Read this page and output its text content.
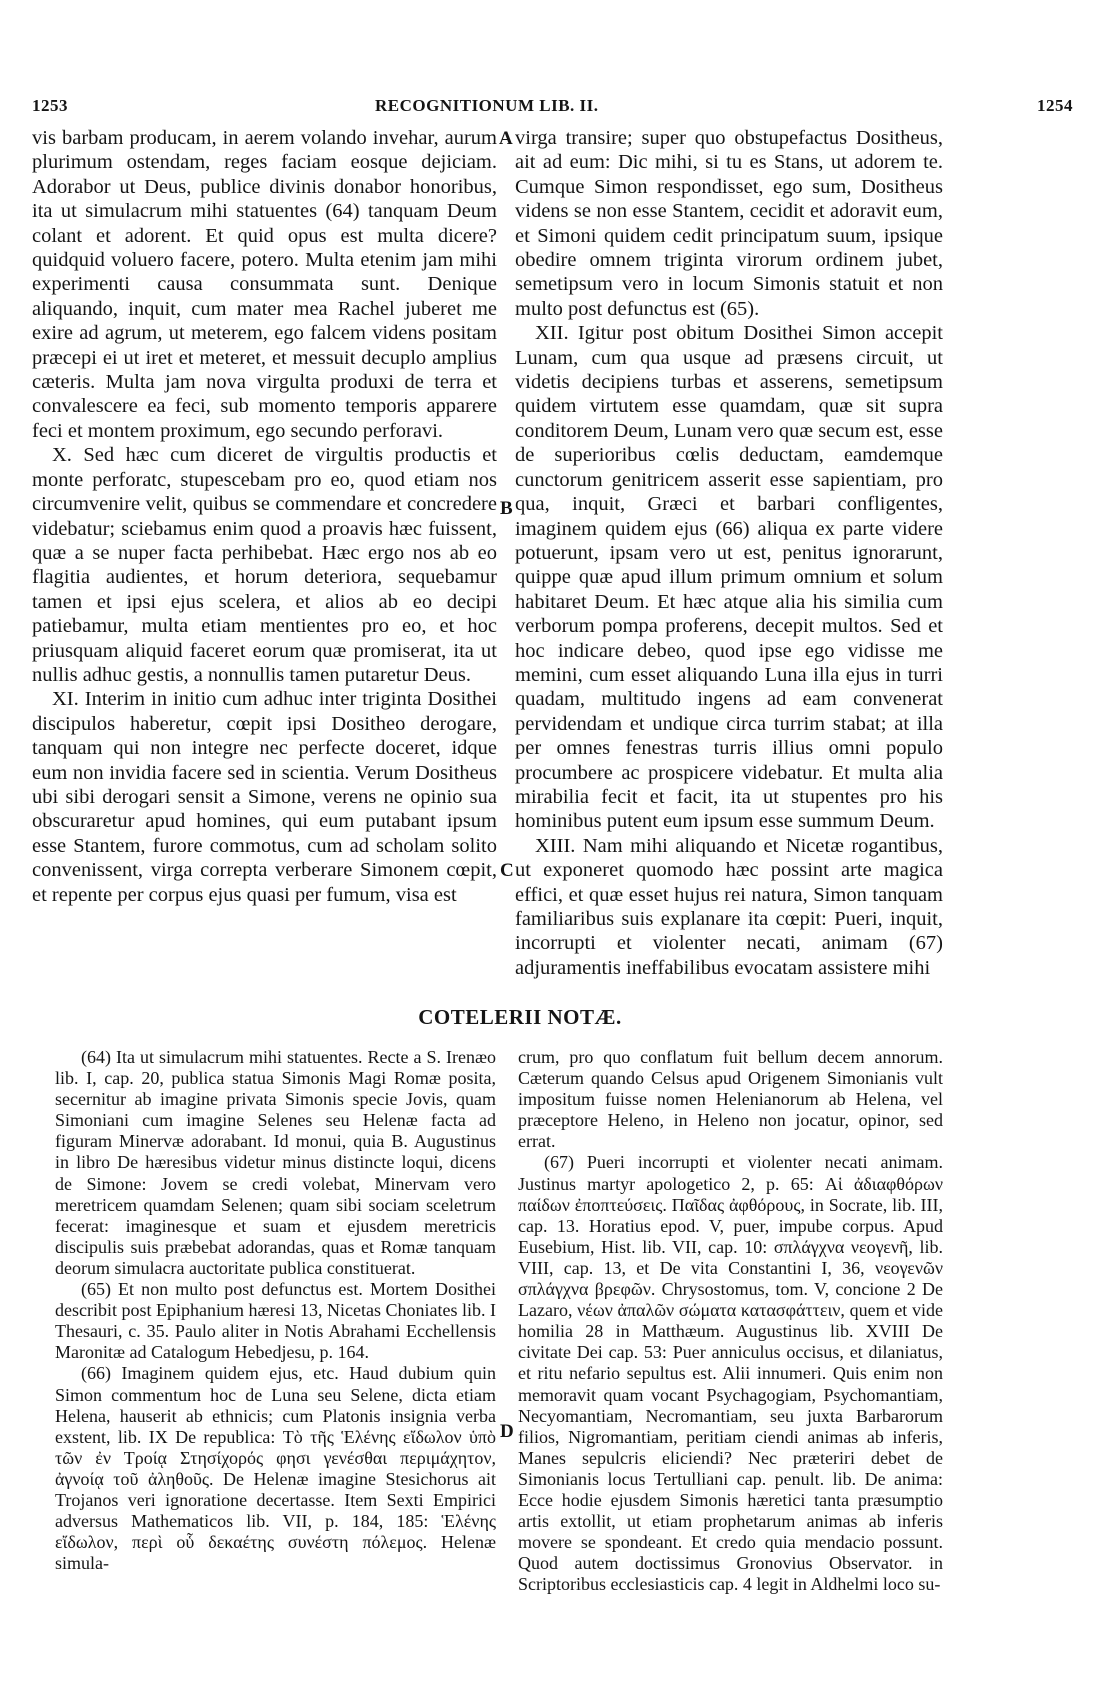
1253	RECOGNITIONUM LIB. II.	1254
A
B
C
D

vis barbam producam, in aerem volando invehar, aurum plurimum ostendam, reges faciam eosque dejiciam. Adorabor ut Deus, publice divinis donabor honoribus, ita ut simulacrum mihi statuentes (64) tanquam Deum colant et adorent. Et quid opus est multa dicere? quidquid voluero facere, potero. Multa etenim jam mihi experimenti causa consummata sunt. Denique aliquando, inquit, cum mater mea Rachel juberet me exire ad agrum, ut meterem, ego falcem videns positam præcepi ei ut iret et meteret, et messuit decuplo amplius cæteris. Multa jam nova virgulta produxi de terra et convalescere ea feci, sub momento temporis apparere feci et montem proximum, ego secundo perforavi.

X. Sed hæc cum diceret de virgultis productis et monte perforatc, stupescebam pro eo, quod etiam nos circumvenire velit, quibus se commendare et concredere videbatur; sciebamus enim quod a proavis hæc fuissent, quæ a se nuper facta perhibebat. Hæc ergo nos ab eo flagitia audientes, et horum deteriora, sequebamur tamen et ipsi ejus scelera, et alios ab eo decipi patiebamur, multa etiam mentientes pro eo, et hoc priusquam aliquid faceret eorum quæ promiserat, ita ut nullis adhuc gestis, a nonnullis tamen putaretur Deus.

XI. Interim in initio cum adhuc inter triginta Dosithei discipulos haberetur, cœpit ipsi Dositheo derogare, tanquam qui non integre nec perfecte doceret, idque eum non invidia facere sed in scientia. Verum Dositheus ubi sibi derogari sensit a Simone, verens ne opinio sua obscuraretur apud homines, qui eum putabant ipsum esse Stantem, furore commotus, cum ad scholam solito convenissent, virga correpta verberare Simonem cœpit, et repente per corpus ejus quasi per fumum, visa est

virga transire; super quo obstupefactus Dositheus, ait ad eum: Dic mihi, si tu es Stans, ut adorem te. Cumque Simon respondisset, ego sum, Dositheus videns se non esse Stantem, cecidit et adoravit eum, et Simoni quidem cedit principatum suum, ipsique obedire omnem triginta virorum ordinem jubet, semetipsum vero in locum Simonis statuit et non multo post defunctus est (65).

XII. Igitur post obitum Dosithei Simon accepit Lunam, cum qua usque ad præsens circuit, ut videtis decipiens turbas et asserens, semetipsum quidem virtutem esse quamdam, quæ sit supra conditorem Deum, Lunam vero quæ secum est, esse de superioribus cœlis deductam, eamdemque cunctorum genitricem asserit esse sapientiam, pro qua, inquit, Græci et barbari confligentes, imaginem quidem ejus (66) aliqua ex parte videre potuerunt, ipsam vero ut est, penitus ignorarunt, quippe quæ apud illum primum omnium et solum habitaret Deum. Et hæc atque alia his similia cum verborum pompa proferens, decepit multos. Sed et hoc indicare debeo, quod ipse ego vidisse me memini, cum esset aliquando Luna illa ejus in turri quadam, multitudo ingens ad eam convenerat pervidendam et undique circa turrim stabat; at illa per omnes fenestras turris illius omni populo procumbere ac prospicere videbatur. Et multa alia mirabilia fecit et facit, ita ut stupentes pro his hominibus putent eum ipsum esse summum Deum.

XIII. Nam mihi aliquando et Nicetæ rogantibus, ut exponeret quomodo hæc possint arte magica effici, et quæ esset hujus rei natura, Simon tanquam familiaribus suis explanare ita cœpit: Pueri, inquit, incorrupti et violenter necati, animam (67) adjuramentis ineffabilibus evocatam assistere mihi

COTELERII NOTÆ.

(64) Ita ut simulacrum mihi statuentes. Recte a S. Irenæo lib. I, cap. 20, publica statua Simonis Magi Romæ posita, secernitur ab imagine privata Simonis specie Jovis, quam Simoniani cum imagine Selenes seu Helenæ facta ad figuram Minervæ adorabant. Id monui, quia B. Augustinus in libro De hæresibus videtur minus distincte loqui, dicens de Simone: Jovem se credi volebat, Minervam vero meretricem quamdam Selenen; quam sibi sociam sceletrum fecerat: imaginesque et suam et ejusdem meretricis discipulis suis præbebat adorandas, quas et Romæ tanquam deorum simulacra auctoritate publica constituerat.

(65) Et non multo post defunctus est. Mortem Dosithei describit post Epiphanium hæresi 13, Nicetas Choniates lib. I Thesauri, c. 35. Paulo aliter in Notis Abrahami Ecchellensis Maronitæ ad Catalogum Hebedjesu, p. 164.

(66) Imaginem quidem ejus, etc. Haud dubium quin Simon commentum hoc de Luna seu Selene, dicta etiam Helena, hauserit ab ethnicis; cum Platonis insignia verba exstent, lib. IX De republica: Τὸ τῆς Ἑλένης εἴδωλον ὑπὸ τῶν ἐν Τροίᾳ Στησίχορός φησι γενέσθαι περιμάχητον, ἀγνοίᾳ τοῦ ἀληθοῦς. De Helenæ imagine Stesichorus ait Trojanos veri ignoratione decertasse. Item Sexti Empirici adversus Mathematicos lib. VII, p. 184, 185: Ἑλένης εἴδωλον, περὶ οὗ δεκαέτης συνέστη πόλεμος. Helenæ simula-

crum, pro quo conflatum fuit bellum decem annorum. Cæterum quando Celsus apud Origenem Simonianis vult impositum fuisse nomen Helenianorum ab Helena, vel præceptore Heleno, in Heleno non jocatur, opinor, sed errat.

(67) Pueri incorrupti et violenter necati animam. Justinus martyr apologetico 2, p. 65: Αἱ ἀδιαφθόρων παίδων ἐποπτεύσεις. Παῖδας ἀφθόρους, in Socrate, lib. III, cap. 13. Horatius epod. V, puer, impube corpus. Apud Eusebium, Hist. lib. VII, cap. 10: σπλάγχνα νεογενῆ, lib. VIII, cap. 13, et De vita Constantini I, 36, νεογενῶν σπλάγχνα βρεφῶν. Chrysostomus, tom. V, concione 2 De Lazaro, νέων ἀπαλῶν σώματα κατασφάττειν, quem et vide homilia 28 in Matthæum. Augustinus lib. XVIII De civitate Dei cap. 53: Puer anniculus occisus, et dilaniatus, et ritu nefario sepultus est. Alii innumeri. Quis enim non memoravit quam vocant Psychagogiam, Psychomantiam, Necyomantiam, Necromantiam, seu juxta Barbarorum filios, Nigromantiam, peritiam ciendi animas ab inferis, Manes sepulcris eliciendi? Nec præteriri debet de Simonianis locus Tertulliani cap. penult. lib. De anima: Ecce hodie ejusdem Simonis hæretici tanta præsumptio artis extollit, ut etiam prophetarum animas ab inferis movere se spondeant. Et credo quia mendacio possunt. Quod autem doctissimus Gronovius Observator. in Scriptoribus ecclesiasticis cap. 4 legit in Aldhelmi loco su-
